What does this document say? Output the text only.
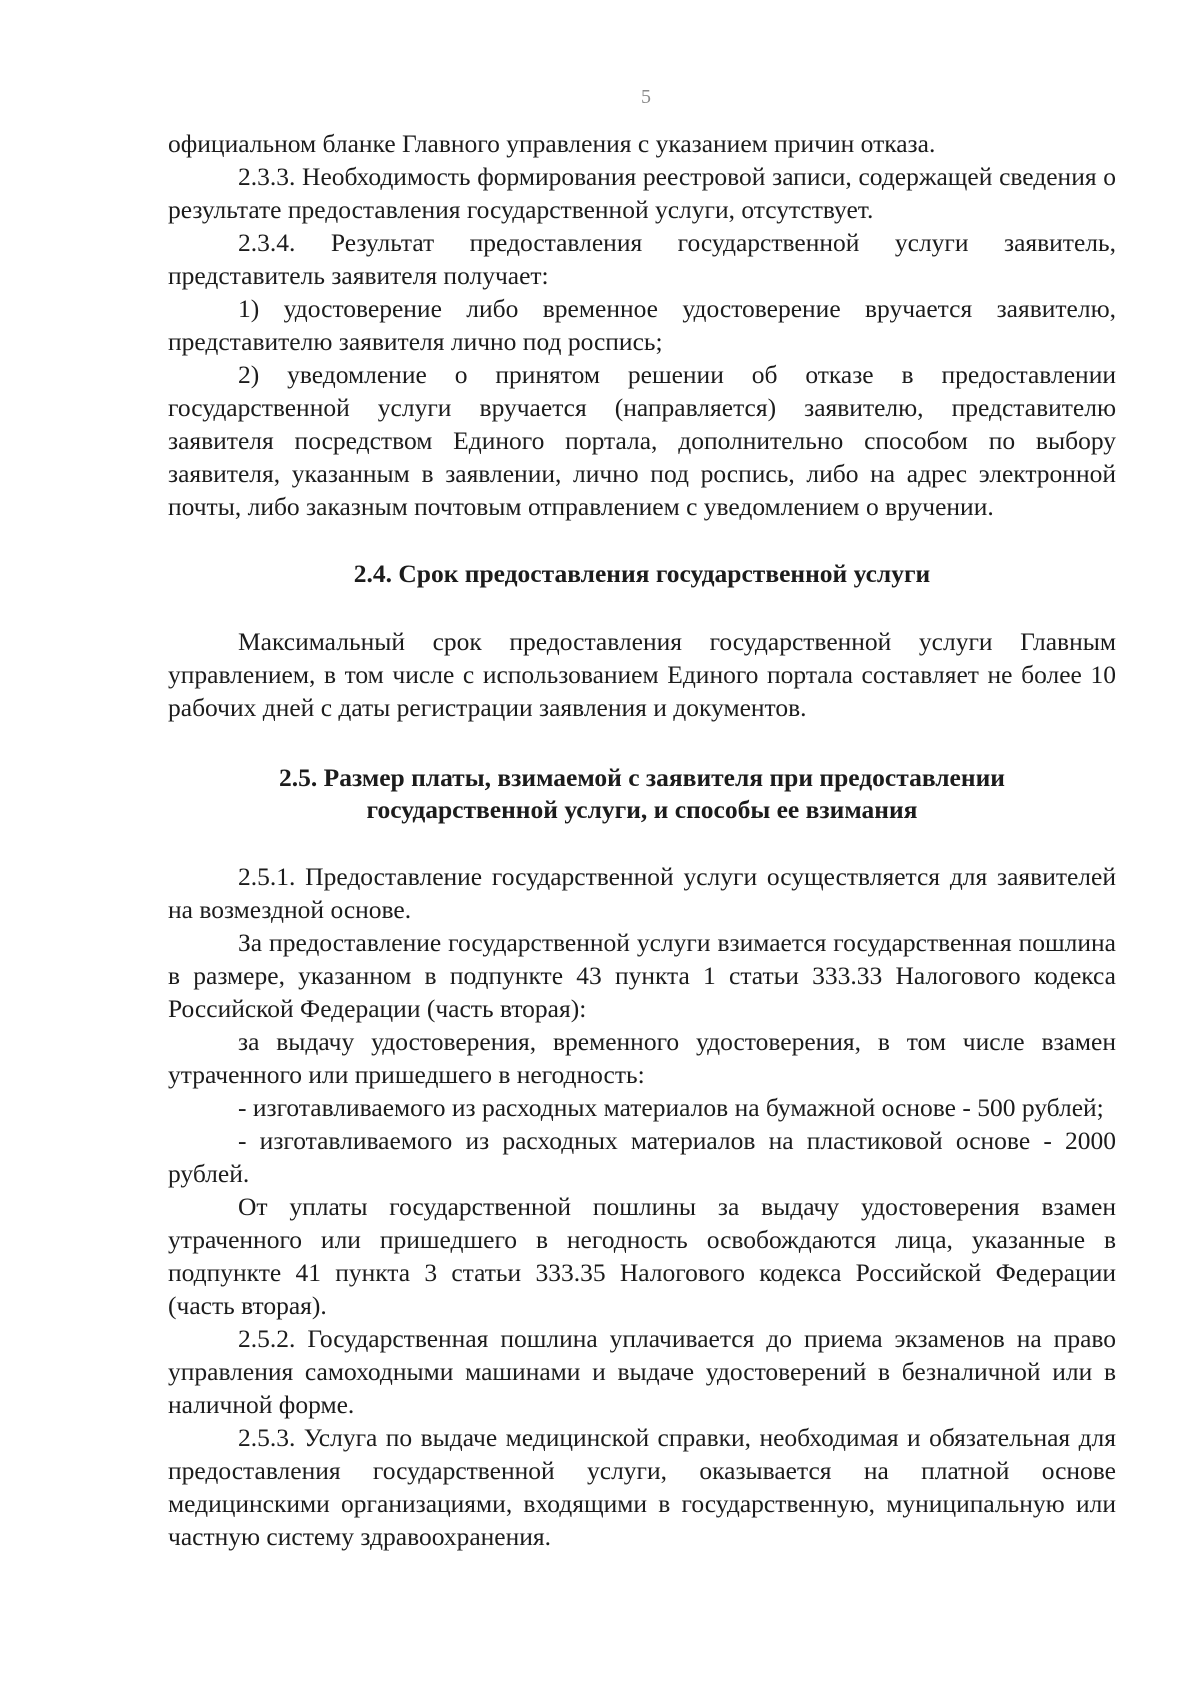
5

официальном бланке Главного управления с указанием причин отказа.

2.3.3. Необходимость формирования реестровой записи, содержащей сведения о результате предоставления государственной услуги, отсутствует.

2.3.4. Результат предоставления государственной услуги заявитель, представитель заявителя получает:

1) удостоверение либо временное удостоверение вручается заявителю, представителю заявителя лично под роспись;

2) уведомление о принятом решении об отказе в предоставлении государственной услуги вручается (направляется) заявителю, представителю заявителя посредством Единого портала, дополнительно способом по выбору заявителя, указанным в заявлении, лично под роспись, либо на адрес электронной почты, либо заказным почтовым отправлением с уведомлением о вручении.

2.4. Срок предоставления государственной услуги

Максимальный срок предоставления государственной услуги Главным управлением, в том числе с использованием Единого портала составляет не более 10 рабочих дней с даты регистрации заявления и документов.

2.5. Размер платы, взимаемой с заявителя при предоставлении
государственной услуги, и способы ее взимания

2.5.1. Предоставление государственной услуги осуществляется для заявителей на возмездной основе.

За предоставление государственной услуги взимается государственная пошлина в размере, указанном в подпункте 43 пункта 1 статьи 333.33 Налогового кодекса Российской Федерации (часть вторая):

за выдачу удостоверения, временного удостоверения, в том числе взамен утраченного или пришедшего в негодность:

- изготавливаемого из расходных материалов на бумажной основе - 500 рублей;

- изготавливаемого из расходных материалов на пластиковой основе - 2000 рублей.

От уплаты государственной пошлины за выдачу удостоверения взамен утраченного или пришедшего в негодность освобождаются лица, указанные в подпункте 41 пункта 3 статьи 333.35 Налогового кодекса Российской Федерации (часть вторая).

2.5.2. Государственная пошлина уплачивается до приема экзаменов на право управления самоходными машинами и выдаче удостоверений в безналичной или в наличной форме.

2.5.3. Услуга по выдаче медицинской справки, необходимая и обязательная для предоставления государственной услуги, оказывается на платной основе медицинскими организациями, входящими в государственную, муниципальную или частную систему здравоохранения.
